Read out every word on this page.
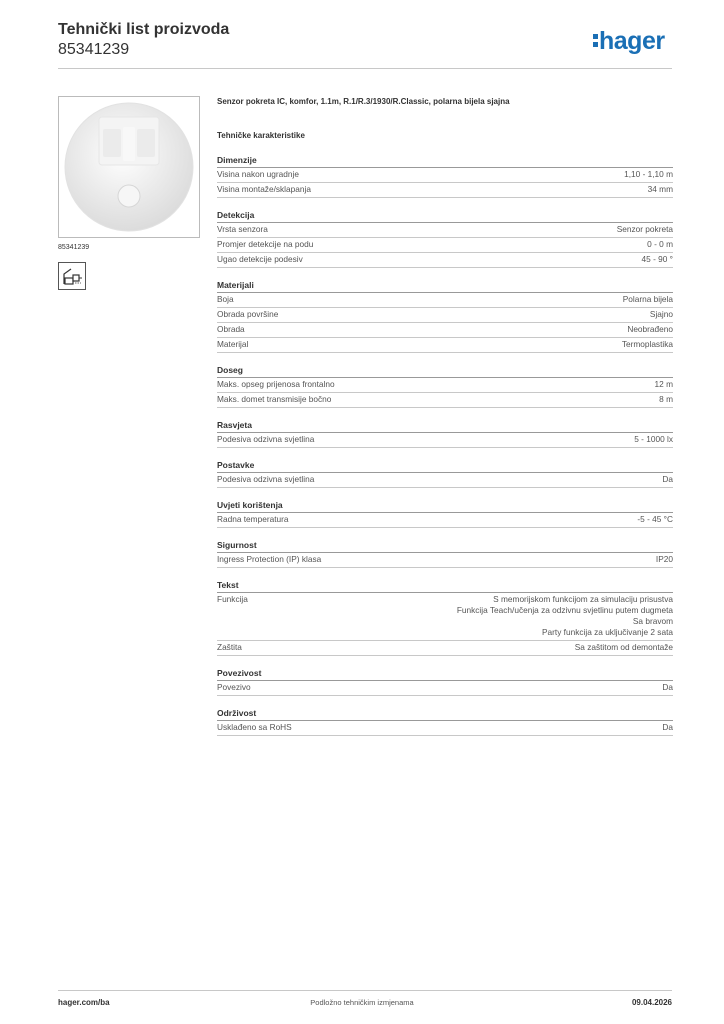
Tehnički list proizvoda
85341239	hager
85341239
Senzor pokreta IC, komfor, 1.1m, R.1/R.3/1930/R.Classic, polarna bijela sjajna
Tehničke karakteristike
Dimenzije
Visina nakon ugradnje	1,10 - 1,10 m
Visina montaže/sklapanja	34 mm
Detekcija
Vrsta senzora	Senzor pokreta
Promjer detekcije na podu	0 - 0 m
Ugao detekcije podesiv	45 - 90 °
Materijali
Boja	Polarna bijela
Obrada površine	Sjajno
Obrada	Neobrađeno
Materijal	Termoplastika
Doseg
Maks. opseg prijenosa frontalno	12 m
Maks. domet transmisije bočno	8 m
Rasvjeta
Podesiva odzivna svjetlina	5 - 1000 lx
Postavke
Podesiva odzivna svjetlina	Da
Uvjeti korištenja
Radna temperatura	-5 - 45 °C
Sigurnost
Ingress Protection (IP) klasa	IP20
Tekst
Funkcija	S memorijskom funkcijom za simulaciju prisustva
Funkcija Teach/učenja za odzivnu svjetlinu putem dugmeta
Sa bravom
Party funkcija za uključivanje 2 sata
Zaštita	Sa zaštitom od demontaže
Povezivost
Povezivo	Da
Održivost
Usklađeno sa RoHS	Da
hager.com/ba	Podložno tehničkim izmjenama	09.04.2026
